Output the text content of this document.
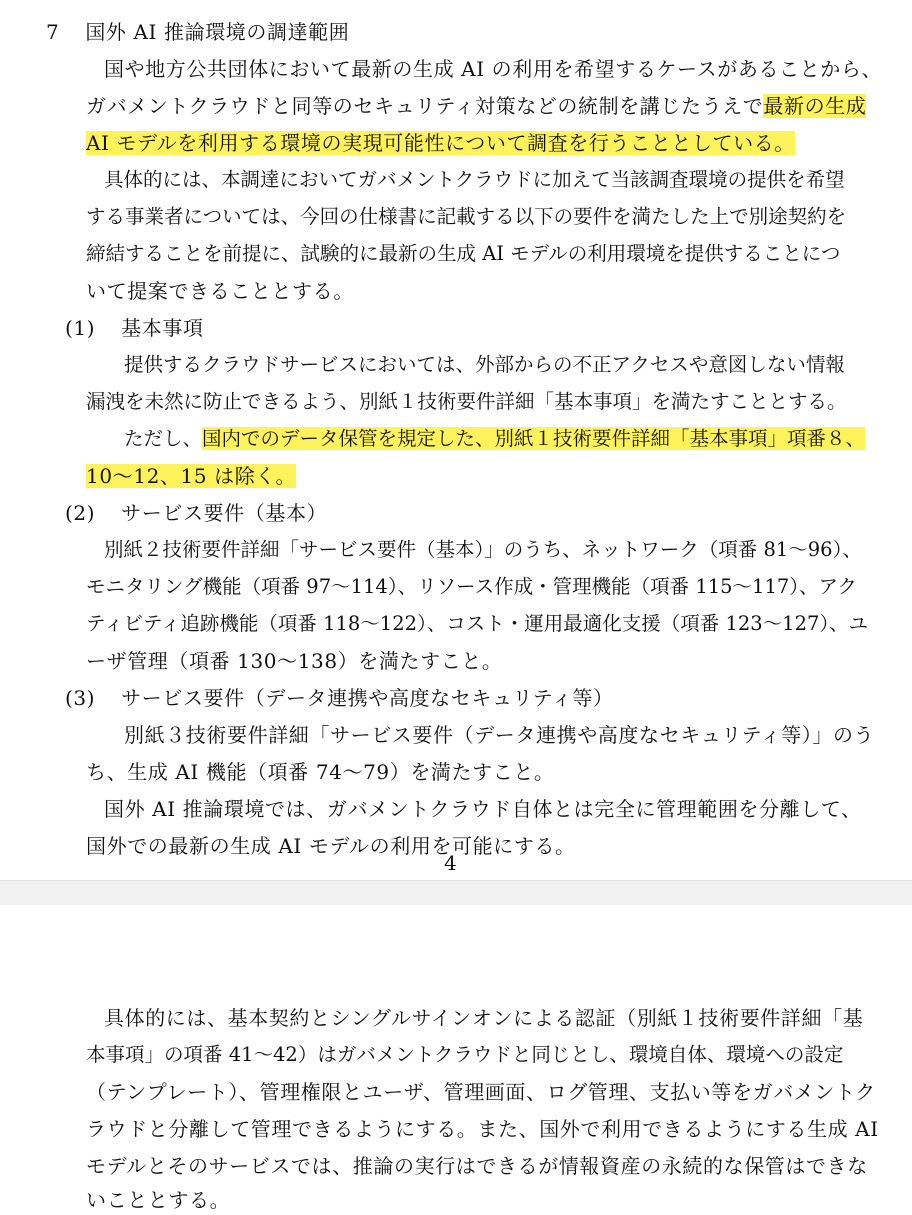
7 国外 AI 推論環境の調達範囲
国や地方公共団体において最新の生成 AI の利用を希望するケースがあることから、
ガバメントクラウドと同等のセキュリティ対策などの統制を講じたうえで最新の生成
AI モデルを利用する環境の実現可能性について調査を行うこととしている。
具体的には、本調達においてガバメントクラウドに加えて当該調査環境の提供を希望
する事業者については、今回の仕様書に記載する以下の要件を満たした上で別途契約を
締結することを前提に、試験的に最新の生成 AI モデルの利用環境を提供することにつ
いて提案できることとする。
(1) 基本事項
提供するクラウドサービスにおいては、外部からの不正アクセスや意図しない情報
漏洩を未然に防止できるよう、別紙１技術要件詳細「基本事項」を満たすこととする。
ただし、国内でのデータ保管を規定した、別紙１技術要件詳細「基本事項」項番８、
10～12、15 は除く。
(2) サービス要件（基本）
別紙２技術要件詳細「サービス要件（基本）」のうち、ネットワーク（項番 81～96）、
モニタリング機能（項番 97～114）、リソース作成・管理機能（項番 115～117）、アク
ティビティ追跡機能（項番 118～122）、コスト・運用最適化支援（項番 123～127）、ユ
ーザ管理（項番 130～138）を満たすこと。
(3) サービス要件（データ連携や高度なセキュリティ等）
別紙３技術要件詳細「サービス要件（データ連携や高度なセキュリティ等）」のう
ち、生成 AI 機能（項番 74～79）を満たすこと。
国外 AI 推論環境では、ガバメントクラウド自体とは完全に管理範囲を分離して、
国外での最新の生成 AI モデルの利用を可能にする。
4
具体的には、基本契約とシングルサインオンによる認証（別紙１技術要件詳細「基
本事項」の項番 41～42）はガバメントクラウドと同じとし、環境自体、環境への設定
（テンプレート）、管理権限とユーザ、管理画面、ログ管理、支払い等をガバメントク
ラウドと分離して管理できるようにする。また、国外で利用できるようにする生成 AI
モデルとそのサービスでは、推論の実行はできるが情報資産の永続的な保管はできな
いこととする。
